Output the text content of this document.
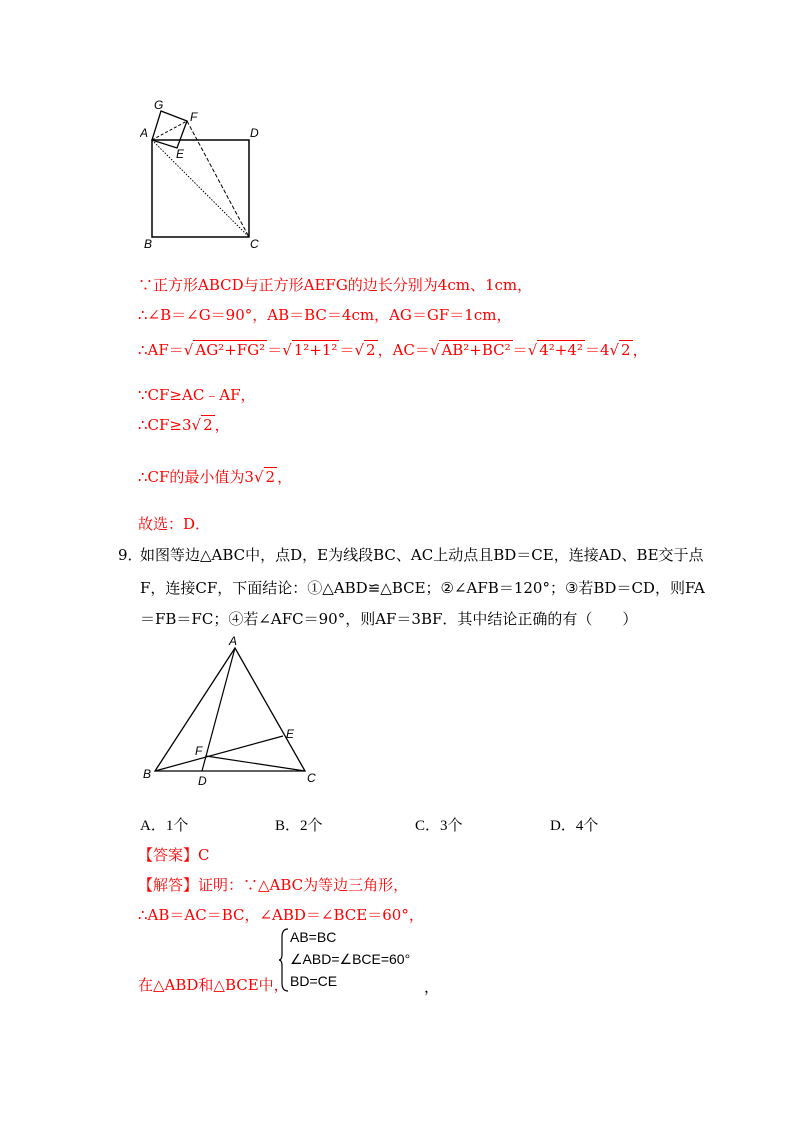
G
F
A	D
E
B	C
∵正方形ABCD与正方形AEFG的边长分别为4cm、1cm，
∴∠B＝∠G＝90°，AB＝BC＝4cm，AG＝GF＝1cm，
∴AF＝√ AG²+FG² ＝√ 1²+1² ＝√ 2 ，AC＝√ AB²+BC² ＝√ 4²+4² ＝4√ 2 ，
∵CF≥AC﹣AF，
∴CF≥3√ 2 ，
∴CF的最小值为3√ 2 ，
故选：D．
9．
如图等边△ABC中，点D，E为线段BC、AC上动点且BD＝CE，连接AD、BE交于点
F，连接CF，下面结论：①△ABD≌△BCE；②∠AFB＝120°；③若BD＝CD，则FA
＝FB＝FC；④若∠AFC＝90°，则AF＝3BF．其中结论正确的有（　　）
A
B	C
D
E
F
A．1个	B．2个	C．3个	D．4个
【答案】C
【解答】证明：∵△ABC为等边三角形，
∴AB＝AC＝BC，∠ABD＝∠BCE＝60°，
在△ABD和△BCE中，
AB=BC
∠ABD=∠BCE=60°
BD=CE	，
